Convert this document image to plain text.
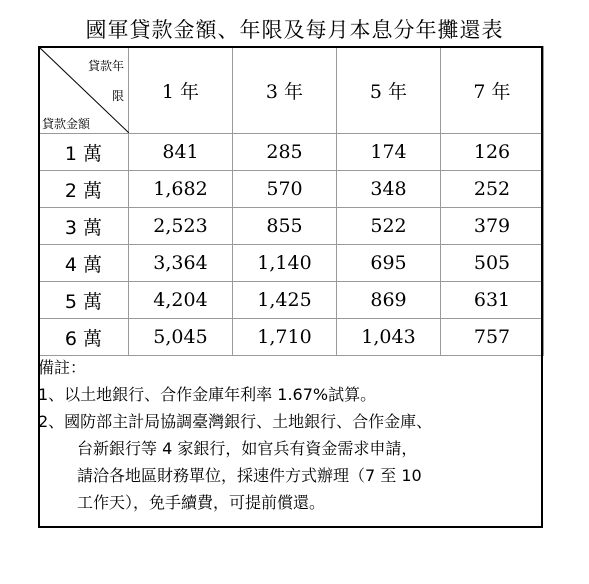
國軍貸款金額、年限及每月本息分年攤還表
貸款年
限
貸款金額	1 年	3 年	5 年	7 年
1 萬	841	285	174	126
2 萬	1,682	570	348	252
3 萬	2,523	855	522	379
4 萬	3,364	1,140	695	505
5 萬	4,204	1,425	869	631
6 萬	5,045	1,710	1,043	757
備註：
1、以土地銀行、合作金庫年利率 1.67%試算。
2、國防部主計局協調臺灣銀行、土地銀行、合作金庫、
台新銀行等 4 家銀行，如官兵有資金需求申請，
請洽各地區財務單位，採速件方式辦理（7 至 10
工作天），免手續費，可提前償還。
